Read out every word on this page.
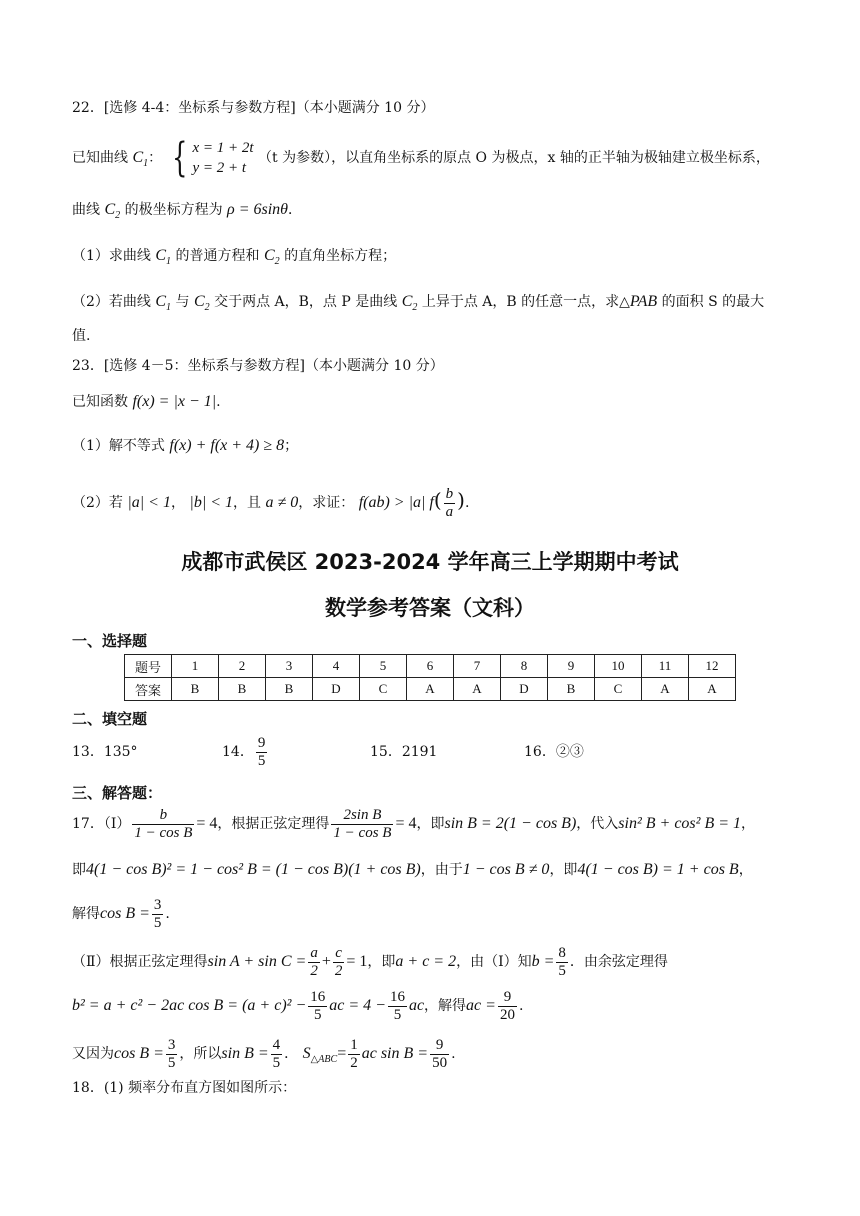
22．[选修 4-4：坐标系与参数方程]（本小题满分 10 分）
已知曲线 $C_1$： { x = 1 + 2t
y = 2 + t
（t 为参数），以直角坐标系的原点 O 为极点，x 轴的正半轴为极轴建立极坐标系，
曲线 $C_2$ 的极坐标方程为 ρ = 6sinθ．
（1）求曲线 $C_1$ 的普通方程和 $C_2$ 的直角坐标方程；
（2）若曲线 $C_1$ 与 $C_2$ 交于两点 A，B，点 P 是曲线 $C_2$ 上异于点 A，B 的任意一点，求△PAB 的面积 S 的最大
值.
23．[选修 4－5：坐标系与参数方程]（本小题满分 10 分）
已知函数 f(x) = |x − 1|.
（1）解不等式 f(x) + f(x + 4) ≥ 8；
（2）若 |a| < 1， |b| < 1，且 a ≠ 0，求证： f(ab) > |a| $f( \frac{b}{a}$ ).
成都市武侯区 2023-2024 学年高三上学期期中考试
数学参考答案（文科）
一、选择题
题号	1	2	3	4	5	6	7	8	9	10	11	12
答案	B	B	B	D	C	A	A	D	B	C	A	A
二、填空题
13．135°	14． $\frac{9}{5}$	15．2191	16．②③
三、解答题：
17．（Ⅰ） $\frac{b}{\text{1 − cos B}} = 4$，根据正弦定理得 $\frac{\text{2sin B}}{\text{1 − cos B}} = 4$，即sin B = 2(1 − cos B)，代入sin² B + cos² B = 1，
即4(1 − cos B)² = 1 − cos² B = (1 − cos B)(1 + cos B)，由于1 − cos B ≠ 0，即4(1 − cos B) = 1 + cos B，
解得$\cos B = \frac{3}{5}$ .
（Ⅱ）根据正弦定理得$\sin A + \sin C = \frac{a}{2} + \frac{c}{2} = 1$，即a + c = 2，由（Ⅰ）知$b = \frac{8}{5}$ ．由余弦定理得
b² = a + c² − 2ac $\cos B = (a + c)^2 - \frac{16}{5}$ ac = $4 - \frac{16}{5}$ ac，解得ac = $\frac{9}{20}$ .
又因为$\cos B = \frac{3}{5}$ ，所以$\sin B = \frac{4}{5}$ ． $S_{\triangle ABC}= \frac{1}{2}$ ac $\sin B = \frac{9}{50}$ .
18．(1) 频率分布直方图如图所示：
